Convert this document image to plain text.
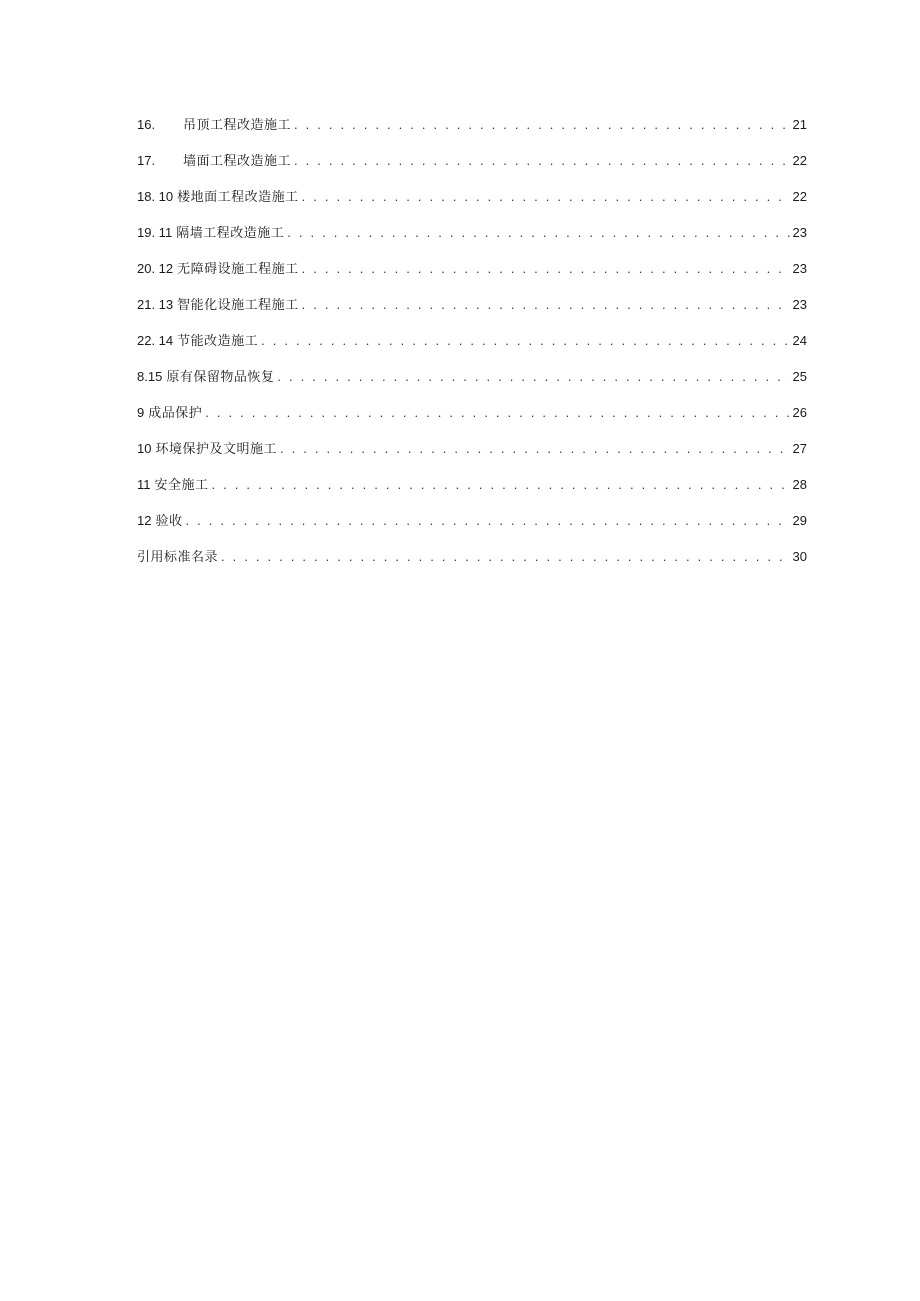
16.	吊顶工程改造施工 . . .	21
17.	墙面工程改造施工 . . .	22
18. 10 楼地面工程改造施工 . . .	22
19. 11 隔墙工程改造施工 . . .	23
20. 12 无障碍设施工程施工 . . .	23
21. 13 智能化设施工程施工 . . .	23
22. 14 节能改造施工 . . .	24
8.15 原有保留物品恢复 . . .	25
9 成品保护 . . .	26
10 环境保护及文明施工 . . .	27
11 安全施工 . . .	28
12 验收 . . .	29
引用标准名录 . . .	30
